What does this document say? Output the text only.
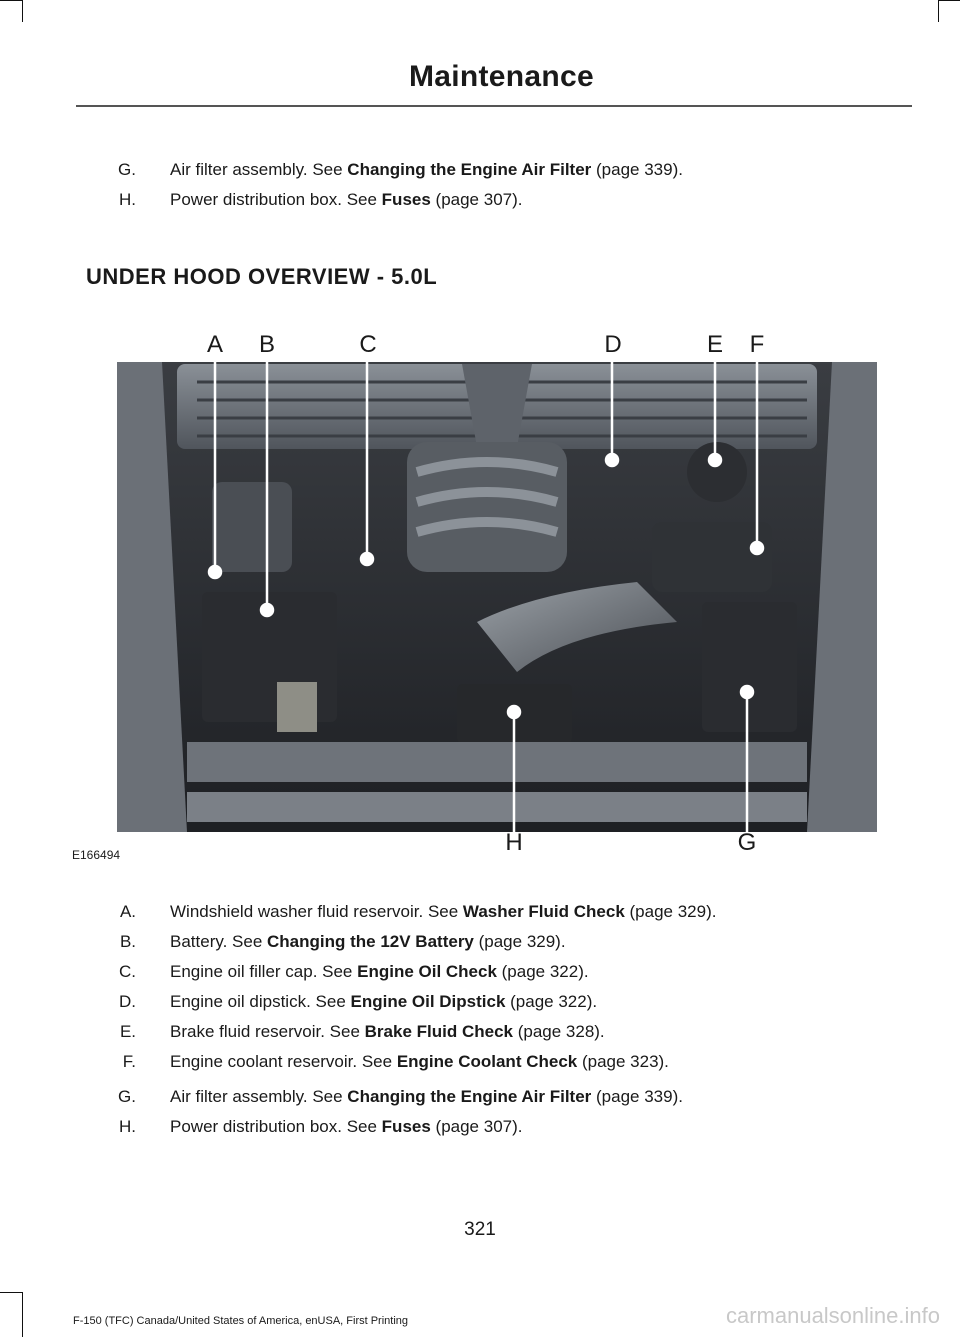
Maintenance
G. Air filter assembly. See Changing the Engine Air Filter (page 339).
H. Power distribution box. See Fuses (page 307).
UNDER HOOD OVERVIEW - 5.0L
A B	C	D	E F
H	G
E166494
A. Windshield washer fluid reservoir. See Washer Fluid Check (page 329).
B. Battery. See Changing the 12V Battery (page 329).
C. Engine oil filler cap. See Engine Oil Check (page 322).
D. Engine oil dipstick. See Engine Oil Dipstick (page 322).
E. Brake fluid reservoir. See Brake Fluid Check (page 328).
F. Engine coolant reservoir. See Engine Coolant Check (page 323).
G. Air filter assembly. See Changing the Engine Air Filter (page 339).
H. Power distribution box. See Fuses (page 307).
321
F-150 (TFC) Canada/United States of America, enUSA, First Printing	carmanualsonline.info
